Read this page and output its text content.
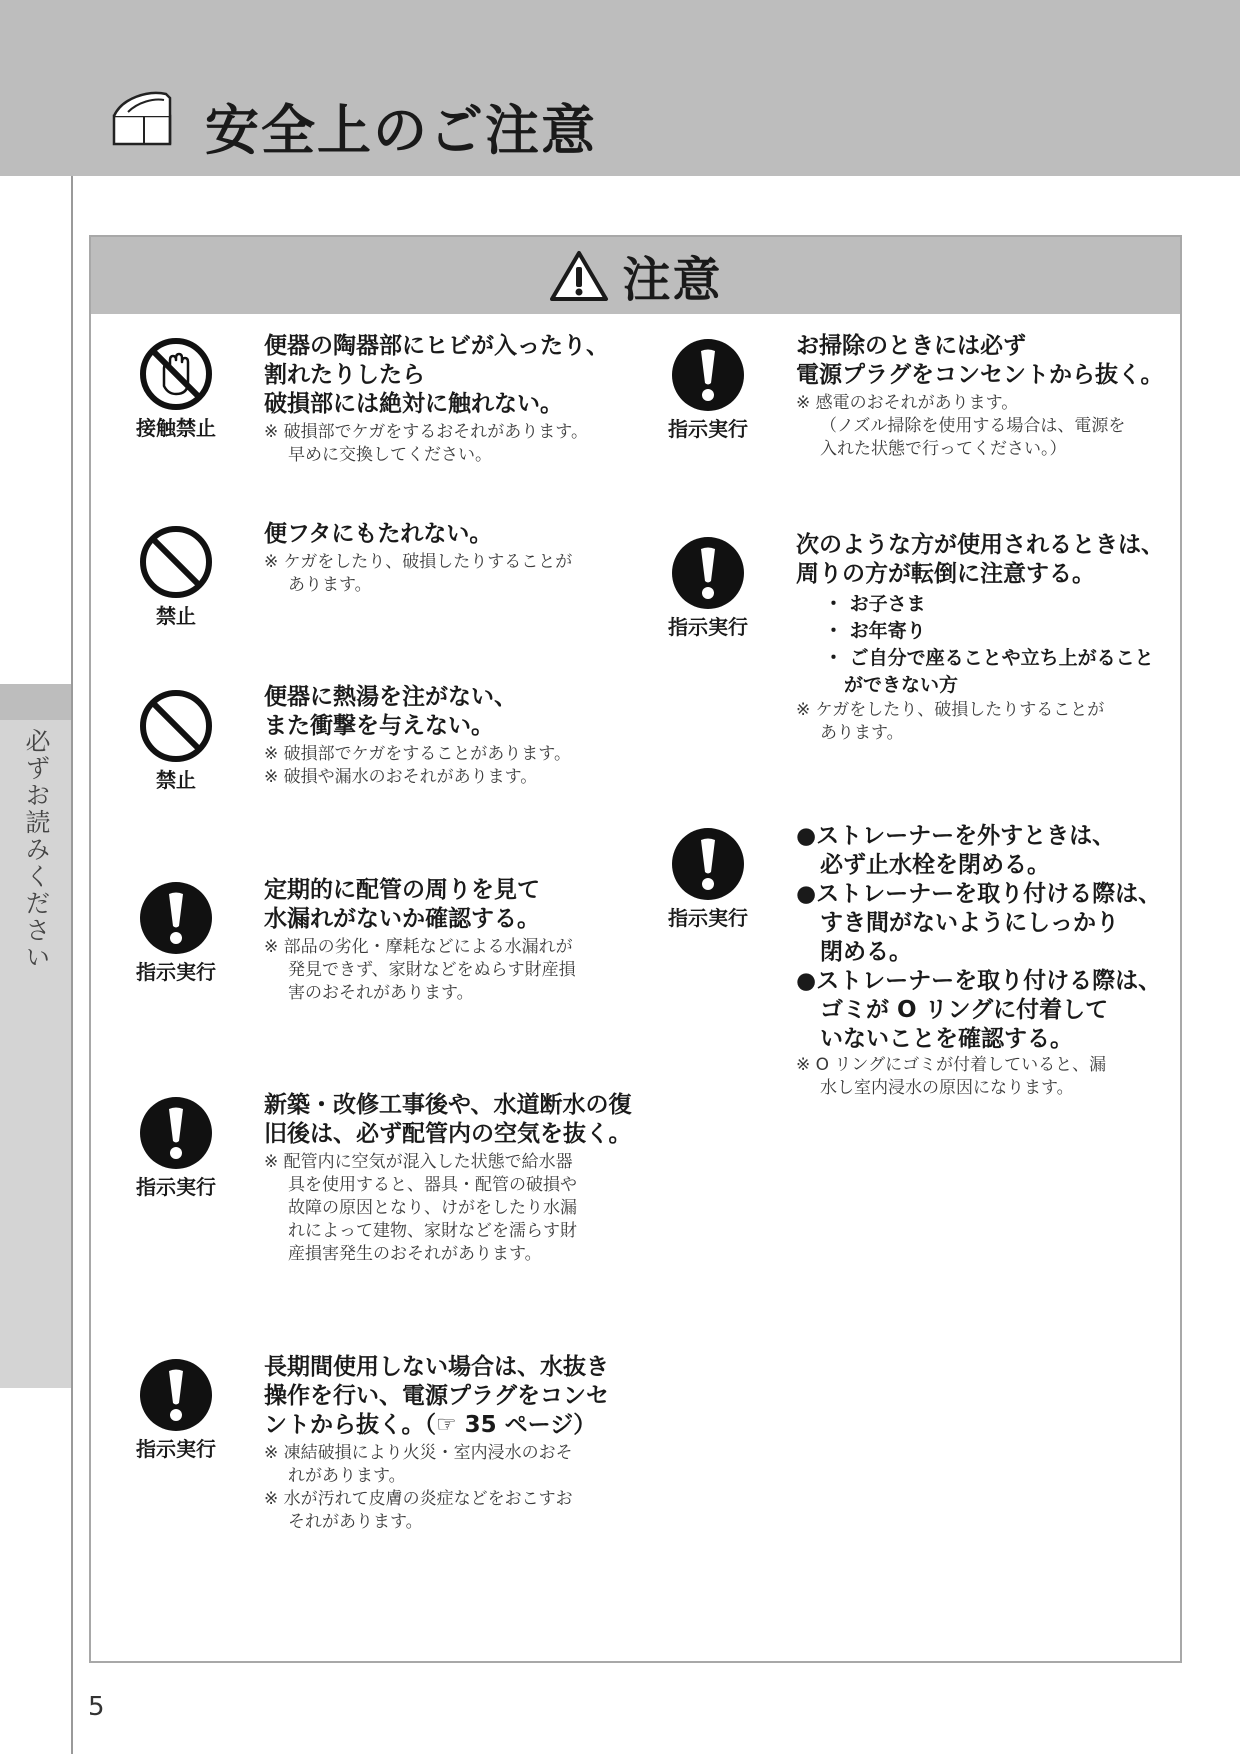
安全上のご注意
必ずお読みください
注意
接触禁止
便器の陶器部にヒビが入ったり、
割れたりしたら
破損部には絶対に触れない。
※ 破損部でケガをするおそれがあります。
早めに交換してください。
禁止
便フタにもたれない。
※ ケガをしたり、破損したりすることが
あります。
禁止
便器に熱湯を注がない、
また衝撃を与えない。
※ 破損部でケガをすることがあります。
※ 破損や漏水のおそれがあります。
指示実行
定期的に配管の周りを見て
水漏れがないか確認する。
※ 部品の劣化・摩耗などによる水漏れが
発見できず、家財などをぬらす財産損
害のおそれがあります。
指示実行
新築・改修工事後や、水道断水の復
旧後は、必ず配管内の空気を抜く。
※ 配管内に空気が混入した状態で給水器
具を使用すると、器具・配管の破損や
故障の原因となり、けがをしたり水漏
れによって建物、家財などを濡らす財
産損害発生のおそれがあります。
指示実行
長期間使用しない場合は、水抜き
操作を行い、電源プラグをコンセ
ントから抜く。（☞ 35 ページ）
※ 凍結破損により火災・室内浸水のおそ
れがあります。
※ 水が汚れて皮膚の炎症などをおこすお
それがあります。
指示実行
お掃除のときには必ず
電源プラグをコンセントから抜く。
※ 感電のおそれがあります。
（ノズル掃除を使用する場合は、電源を
入れた状態で行ってください。）
指示実行
次のような方が使用されるときは、
周りの方が転倒に注意する。
・ お子さま
・ お年寄り
・ ご自分で座ることや立ち上がること
ができない方
※ ケガをしたり、破損したりすることが
あります。
指示実行
●ストレーナーを外すときは、
必ず止水栓を閉める。
●ストレーナーを取り付ける際は、
すき間がないようにしっかり
閉める。
●ストレーナーを取り付ける際は、
ゴミが O リングに付着して
いないことを確認する。
※ O リングにゴミが付着していると、漏
水し室内浸水の原因になります。
5
